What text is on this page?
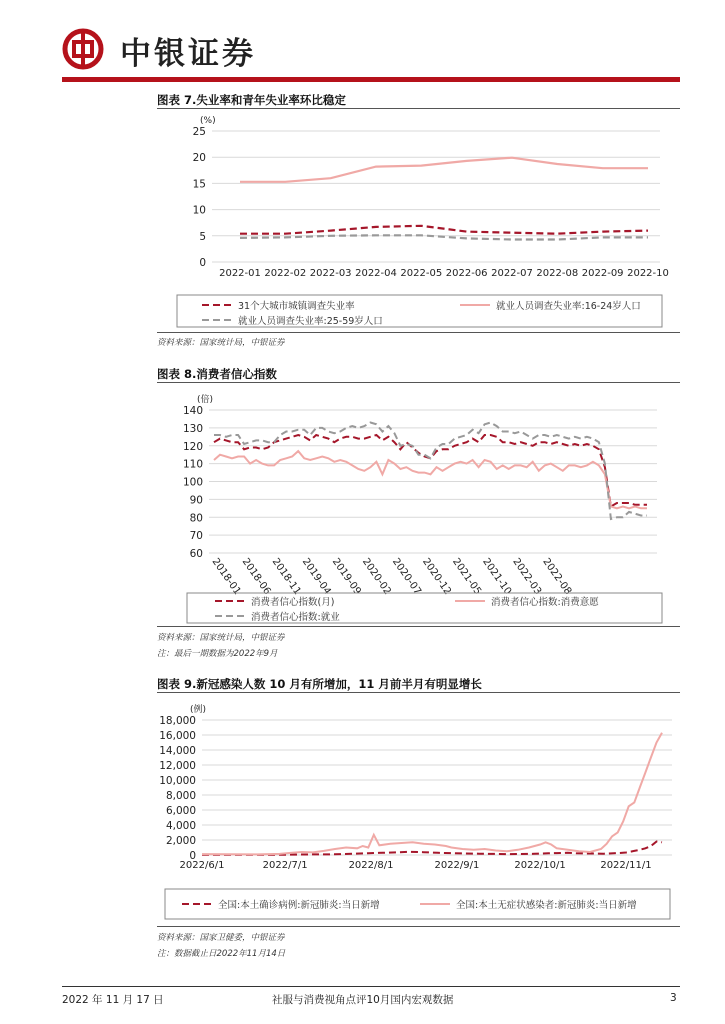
中银证券
图表 7.失业率和青年失业率环比稳定
0
5
10
15
20
25
(%)
2022-01 2022-02 2022-03 2022-04 2022-05 2022-06 2022-07 2022-08 2022-09 2022-10
31个大城市城镇调查失业率	就业人员调查失业率:16-24岁人口
就业人员调查失业率:25-59岁人口
资料来源：国家统计局，中银证券
图表 8.消费者信心指数
60
70
80
90
100
110
120
130
140
(倍)
2018-01
2018-06
2018-11
2019-04
2019-09
2020-02
2020-07
2020-12
2021-05
2021-10
2022-03
2022-08
消费者信心指数(月)	消费者信心指数:消费意愿
消费者信心指数:就业
资料来源：国家统计局，中银证券
注：最后一期数据为2022年9月
图表 9.新冠感染人数 10 月有所增加，11 月前半月有明显增长
0
2,000
4,000
6,000
8,000
10,000
12,000
14,000
16,000
18,000
(例)
2022/6/1	2022/7/1	2022/8/1	2022/9/1	2022/10/1	2022/11/1
全国:本土确诊病例:新冠肺炎:当日新增	全国:本土无症状感染者:新冠肺炎:当日新增
资料来源：国家卫健委，中银证券
注：数据截止日2022年11月14日
2022 年 11 月 17 日	社服与消费视角点评10月国内宏观数据	3
